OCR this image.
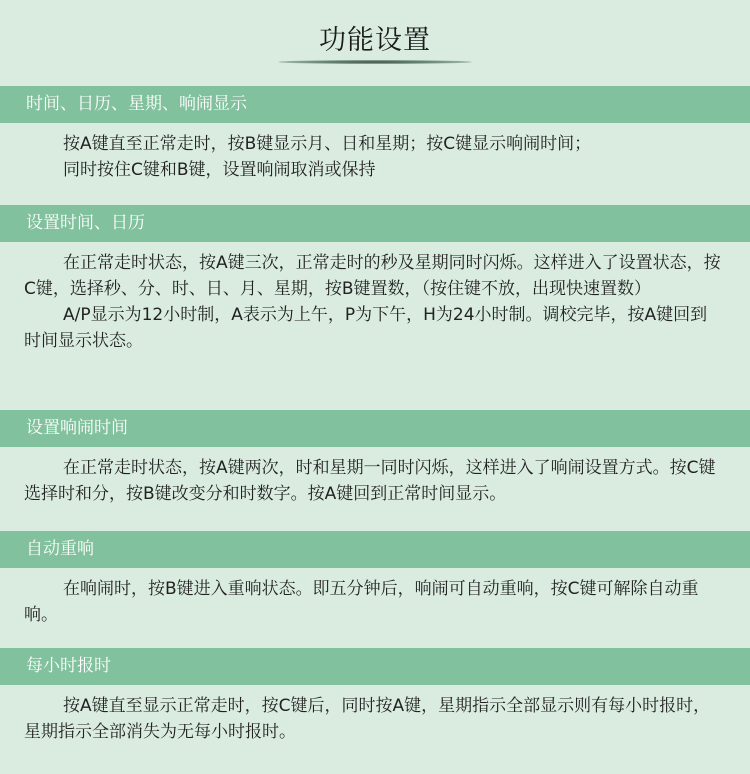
功能设置
时间、日历、星期、响闹显示

按A键直至正常走时，按B键显示月、日和星期；按C键显示响闹时间；

同时按住C键和B键，设置响闹取消或保持

设置时间、日历

在正常走时状态，按A键三次，正常走时的秒及星期同时闪烁。这样进入了设置状态，按C键，选择秒、分、时、日、月、星期，按B键置数，（按住键不放，出现快速置数）

A/P显示为12小时制，A表示为上午，P为下午，H为24小时制。调校完毕，按A键回到时间显示状态。

设置响闹时间

在正常走时状态，按A键两次，时和星期一同时闪烁，这样进入了响闹设置方式。按C键选择时和分，按B键改变分和时数字。按A键回到正常时间显示。

自动重响

在响闹时，按B键进入重响状态。即五分钟后，响闹可自动重响，按C键可解除自动重响。

每小时报时

按A键直至显示正常走时，按C键后，同时按A键，星期指示全部显示则有每小时报时，星期指示全部消失为无每小时报时。
